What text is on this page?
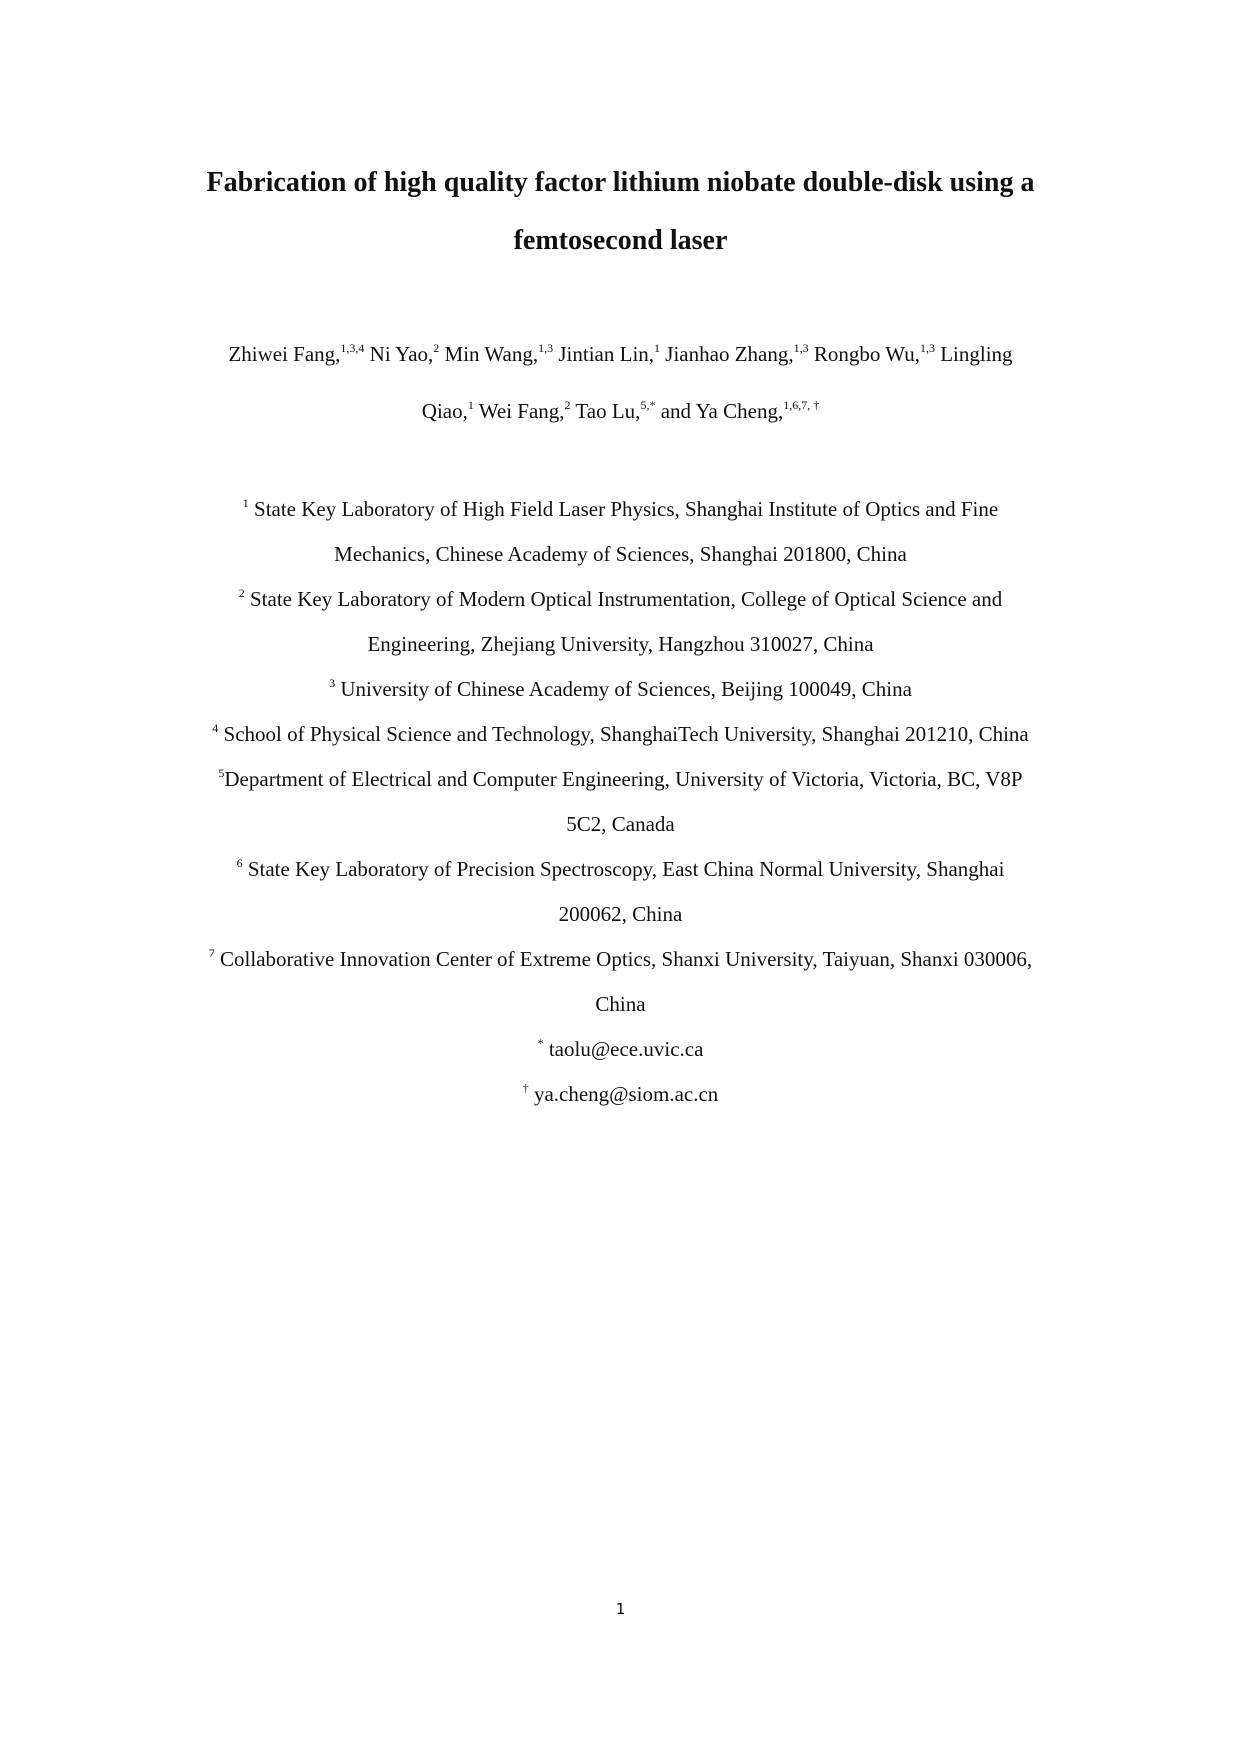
Fabrication of high quality factor lithium niobate double-disk using a
femtosecond laser
Zhiwei Fang,$^{1,3,4}$ Ni Yao,$^2$ Min Wang,$^{1,3}$ Jintian Lin,$^1$ Jianhao Zhang,$^{1,3}$ Rongbo Wu,$^{1,3}$ Lingling
Qiao,$^1$ Wei Fang,$^2$ Tao Lu,$^{5,*}$ and Ya Cheng,$^{1,6,7, \dagger}$
$^1$ State Key Laboratory of High Field Laser Physics, Shanghai Institute of Optics and Fine
Mechanics, Chinese Academy of Sciences, Shanghai 201800, China
$^2$ State Key Laboratory of Modern Optical Instrumentation, College of Optical Science and
Engineering, Zhejiang University, Hangzhou 310027, China
$^3$ University of Chinese Academy of Sciences, Beijing 100049, China
$^4$ School of Physical Science and Technology, ShanghaiTech University, Shanghai 201210, China
$^5$Department of Electrical and Computer Engineering, University of Victoria, Victoria, BC, V8P
5C2, Canada
$^6$ State Key Laboratory of Precision Spectroscopy, East China Normal University, Shanghai
200062, China
$^7$ Collaborative Innovation Center of Extreme Optics, Shanxi University, Taiyuan, Shanxi 030006,
China
* taolu@ece.uvic.ca
† ya.cheng@siom.ac.cn
1
